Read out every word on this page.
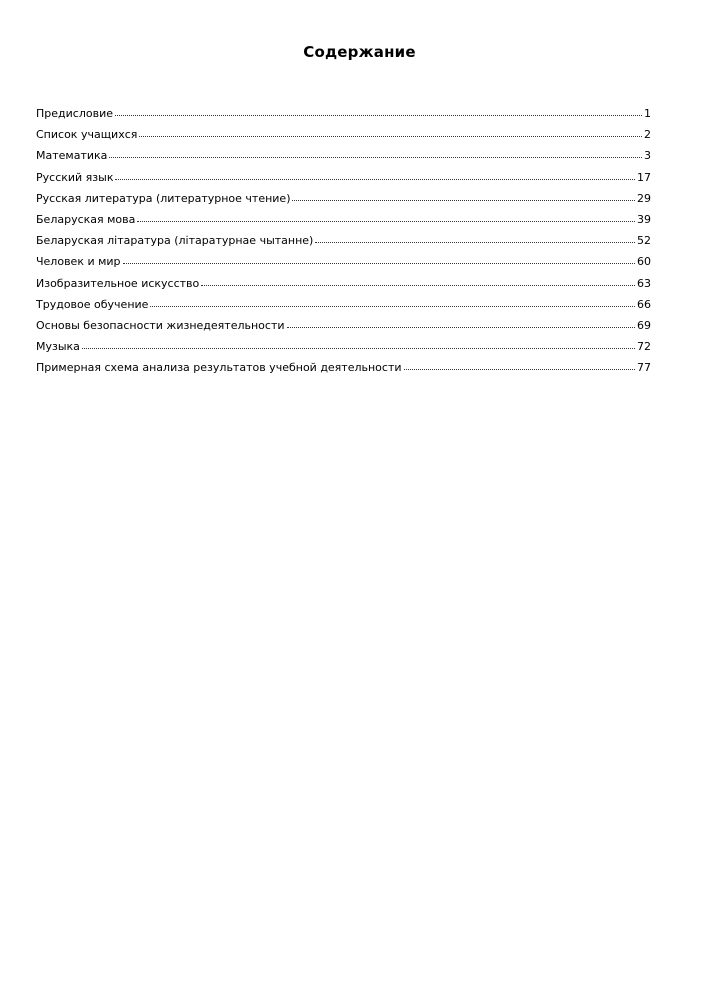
Содержание
Предисловие	1
Список учащихся	2
Математика	3
Русский язык	17
Русская литература (литературное чтение)	29
Беларуская мова	39
Беларуская літаратура (літаратурнае чытанне)	52
Человек и мир	60
Изобразительное искусство	63
Трудовое обучение	66
Основы безопасности жизнедеятельности	69
Музыка	72
Примерная схема анализа результатов учебной деятельности	77
